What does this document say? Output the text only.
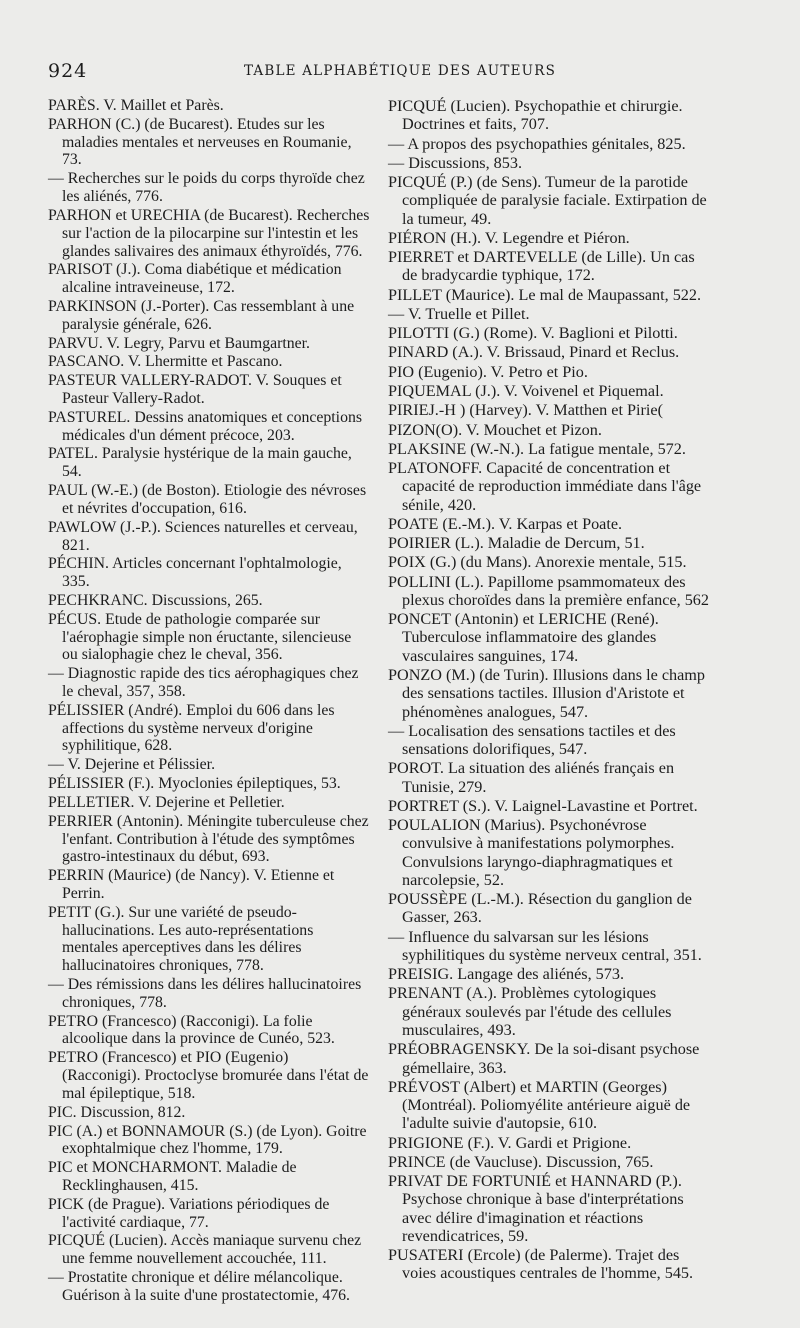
924	TABLE ALPHABÉTIQUE DES AUTEURS
PARÈS. V. Maillet et Parès.
PARHON (C.) (de Bucarest). Etudes sur les maladies mentales et nerveuses en Roumanie, 73.
— Recherches sur le poids du corps thyroïde chez les aliénés, 776.
PARHON et URECHIA (de Bucarest). Recherches sur l'action de la pilocarpine sur l'intestin et les glandes salivaires des animaux éthyroïdés, 776.
PARISOT (J.). Coma diabétique et médication alcaline intraveineuse, 172.
PARKINSON (J.-Porter). Cas ressemblant à une paralysie générale, 626.
PARVU. V. Legry, Parvu et Baumgartner.
PASCANO. V. Lhermitte et Pascano.
PASTEUR VALLERY-RADOT. V. Souques et Pasteur Vallery-Radot.
PASTUREL. Dessins anatomiques et conceptions médicales d'un dément précoce, 203.
PATEL. Paralysie hystérique de la main gauche, 54.
PAUL (W.-E.) (de Boston). Etiologie des névroses et névrites d'occupation, 616.
PAWLOW (J.-P.). Sciences naturelles et cerveau, 821.
PÉCHIN. Articles concernant l'ophtalmologie, 335.
PECHKRANC. Discussions, 265.
PÉCUS. Etude de pathologie comparée sur l'aérophagie simple non éructante, silencieuse ou sialophagie chez le cheval, 356.
— Diagnostic rapide des tics aérophagiques chez le cheval, 357, 358.
PÉLISSIER (André). Emploi du 606 dans les affections du système nerveux d'origine syphilitique, 628.
— V. Dejerine et Pélissier.
PÉLISSIER (F.). Myoclonies épileptiques, 53.
PELLETIER. V. Dejerine et Pelletier.
PERRIER (Antonin). Méningite tuberculeuse chez l'enfant. Contribution à l'étude des symptômes gastro-intestinaux du début, 693.
PERRIN (Maurice) (de Nancy). V. Etienne et Perrin.
PETIT (G.). Sur une variété de pseudo-hallucinations. Les auto-représentations mentales aperceptives dans les délires hallucinatoires chroniques, 778.
— Des rémissions dans les délires hallucinatoires chroniques, 778.
PETRO (Francesco) (Racconigi). La folie alcoolique dans la province de Cunéo, 523.
PETRO (Francesco) et PIO (Eugenio) (Racconigi). Proctoclyse bromurée dans l'état de mal épileptique, 518.
PIC. Discussion, 812.
PIC (A.) et BONNAMOUR (S.) (de Lyon). Goitre exophtalmique chez l'homme, 179.
PIC et MONCHARMONT. Maladie de Recklinghausen, 415.
PICK (de Prague). Variations périodiques de l'activité cardiaque, 77.
PICQUÉ (Lucien). Accès maniaque survenu chez une femme nouvellement accouchée, 111.
— Prostatite chronique et délire mélancolique. Guérison à la suite d'une prostatectomie, 476.
PICQUÉ (Lucien). Psychopathie et chirurgie. Doctrines et faits, 707.
— A propos des psychopathies génitales, 825.
— Discussions, 853.
PICQUÉ (P.) (de Sens). Tumeur de la parotide compliquée de paralysie faciale. Extirpation de la tumeur, 49.
PIÉRON (H.). V. Legendre et Piéron.
PIERRET et DARTEVELLE (de Lille). Un cas de bradycardie typhique, 172.
PILLET (Maurice). Le mal de Maupassant, 522.
— V. Truelle et Pillet.
PILOTTI (G.) (Rome). V. Baglioni et Pilotti.
PINARD (A.). V. Brissaud, Pinard et Reclus.
PIO (Eugenio). V. Petro et Pio.
PIQUEMAL (J.). V. Voivenel et Piquemal.
PIRIEJ.-H ) (Harvey). V. Matthen et Pirie(
PIZON(O). V. Mouchet et Pizon.
PLAKSINE (W.-N.). La fatigue mentale, 572.
PLATONOFF. Capacité de concentration et capacité de reproduction immédiate dans l'âge sénile, 420.
POATE (E.-M.). V. Karpas et Poate.
POIRIER (L.). Maladie de Dercum, 51.
POIX (G.) (du Mans). Anorexie mentale, 515.
POLLINI (L.). Papillome psammomateux des plexus choroïdes dans la première enfance, 562
PONCET (Antonin) et LERICHE (René). Tuberculose inflammatoire des glandes vasculaires sanguines, 174.
PONZO (M.) (de Turin). Illusions dans le champ des sensations tactiles. Illusion d'Aristote et phénomènes analogues, 547.
— Localisation des sensations tactiles et des sensations dolorifiques, 547.
POROT. La situation des aliénés français en Tunisie, 279.
PORTRET (S.). V. Laignel-Lavastine et Portret.
POULALION (Marius). Psychonévrose convulsive à manifestations polymorphes. Convulsions laryngo-diaphragmatiques et narcolepsie, 52.
POUSSÈPE (L.-M.). Résection du ganglion de Gasser, 263.
— Influence du salvarsan sur les lésions syphilitiques du système nerveux central, 351.
PREISIG. Langage des aliénés, 573.
PRENANT (A.). Problèmes cytologiques généraux soulevés par l'étude des cellules musculaires, 493.
PRÉOBRAGENSKY. De la soi-disant psychose gémellaire, 363.
PRÉVOST (Albert) et MARTIN (Georges) (Montréal). Poliomyélite antérieure aiguë de l'adulte suivie d'autopsie, 610.
PRIGIONE (F.). V. Gardi et Prigione.
PRINCE (de Vaucluse). Discussion, 765.
PRIVAT DE FORTUNIÉ et HANNARD (P.). Psychose chronique à base d'interprétations avec délire d'imagination et réactions revendicatrices, 59.
PUSATERI (Ercole) (de Palerme). Trajet des voies acoustiques centrales de l'homme, 545.
